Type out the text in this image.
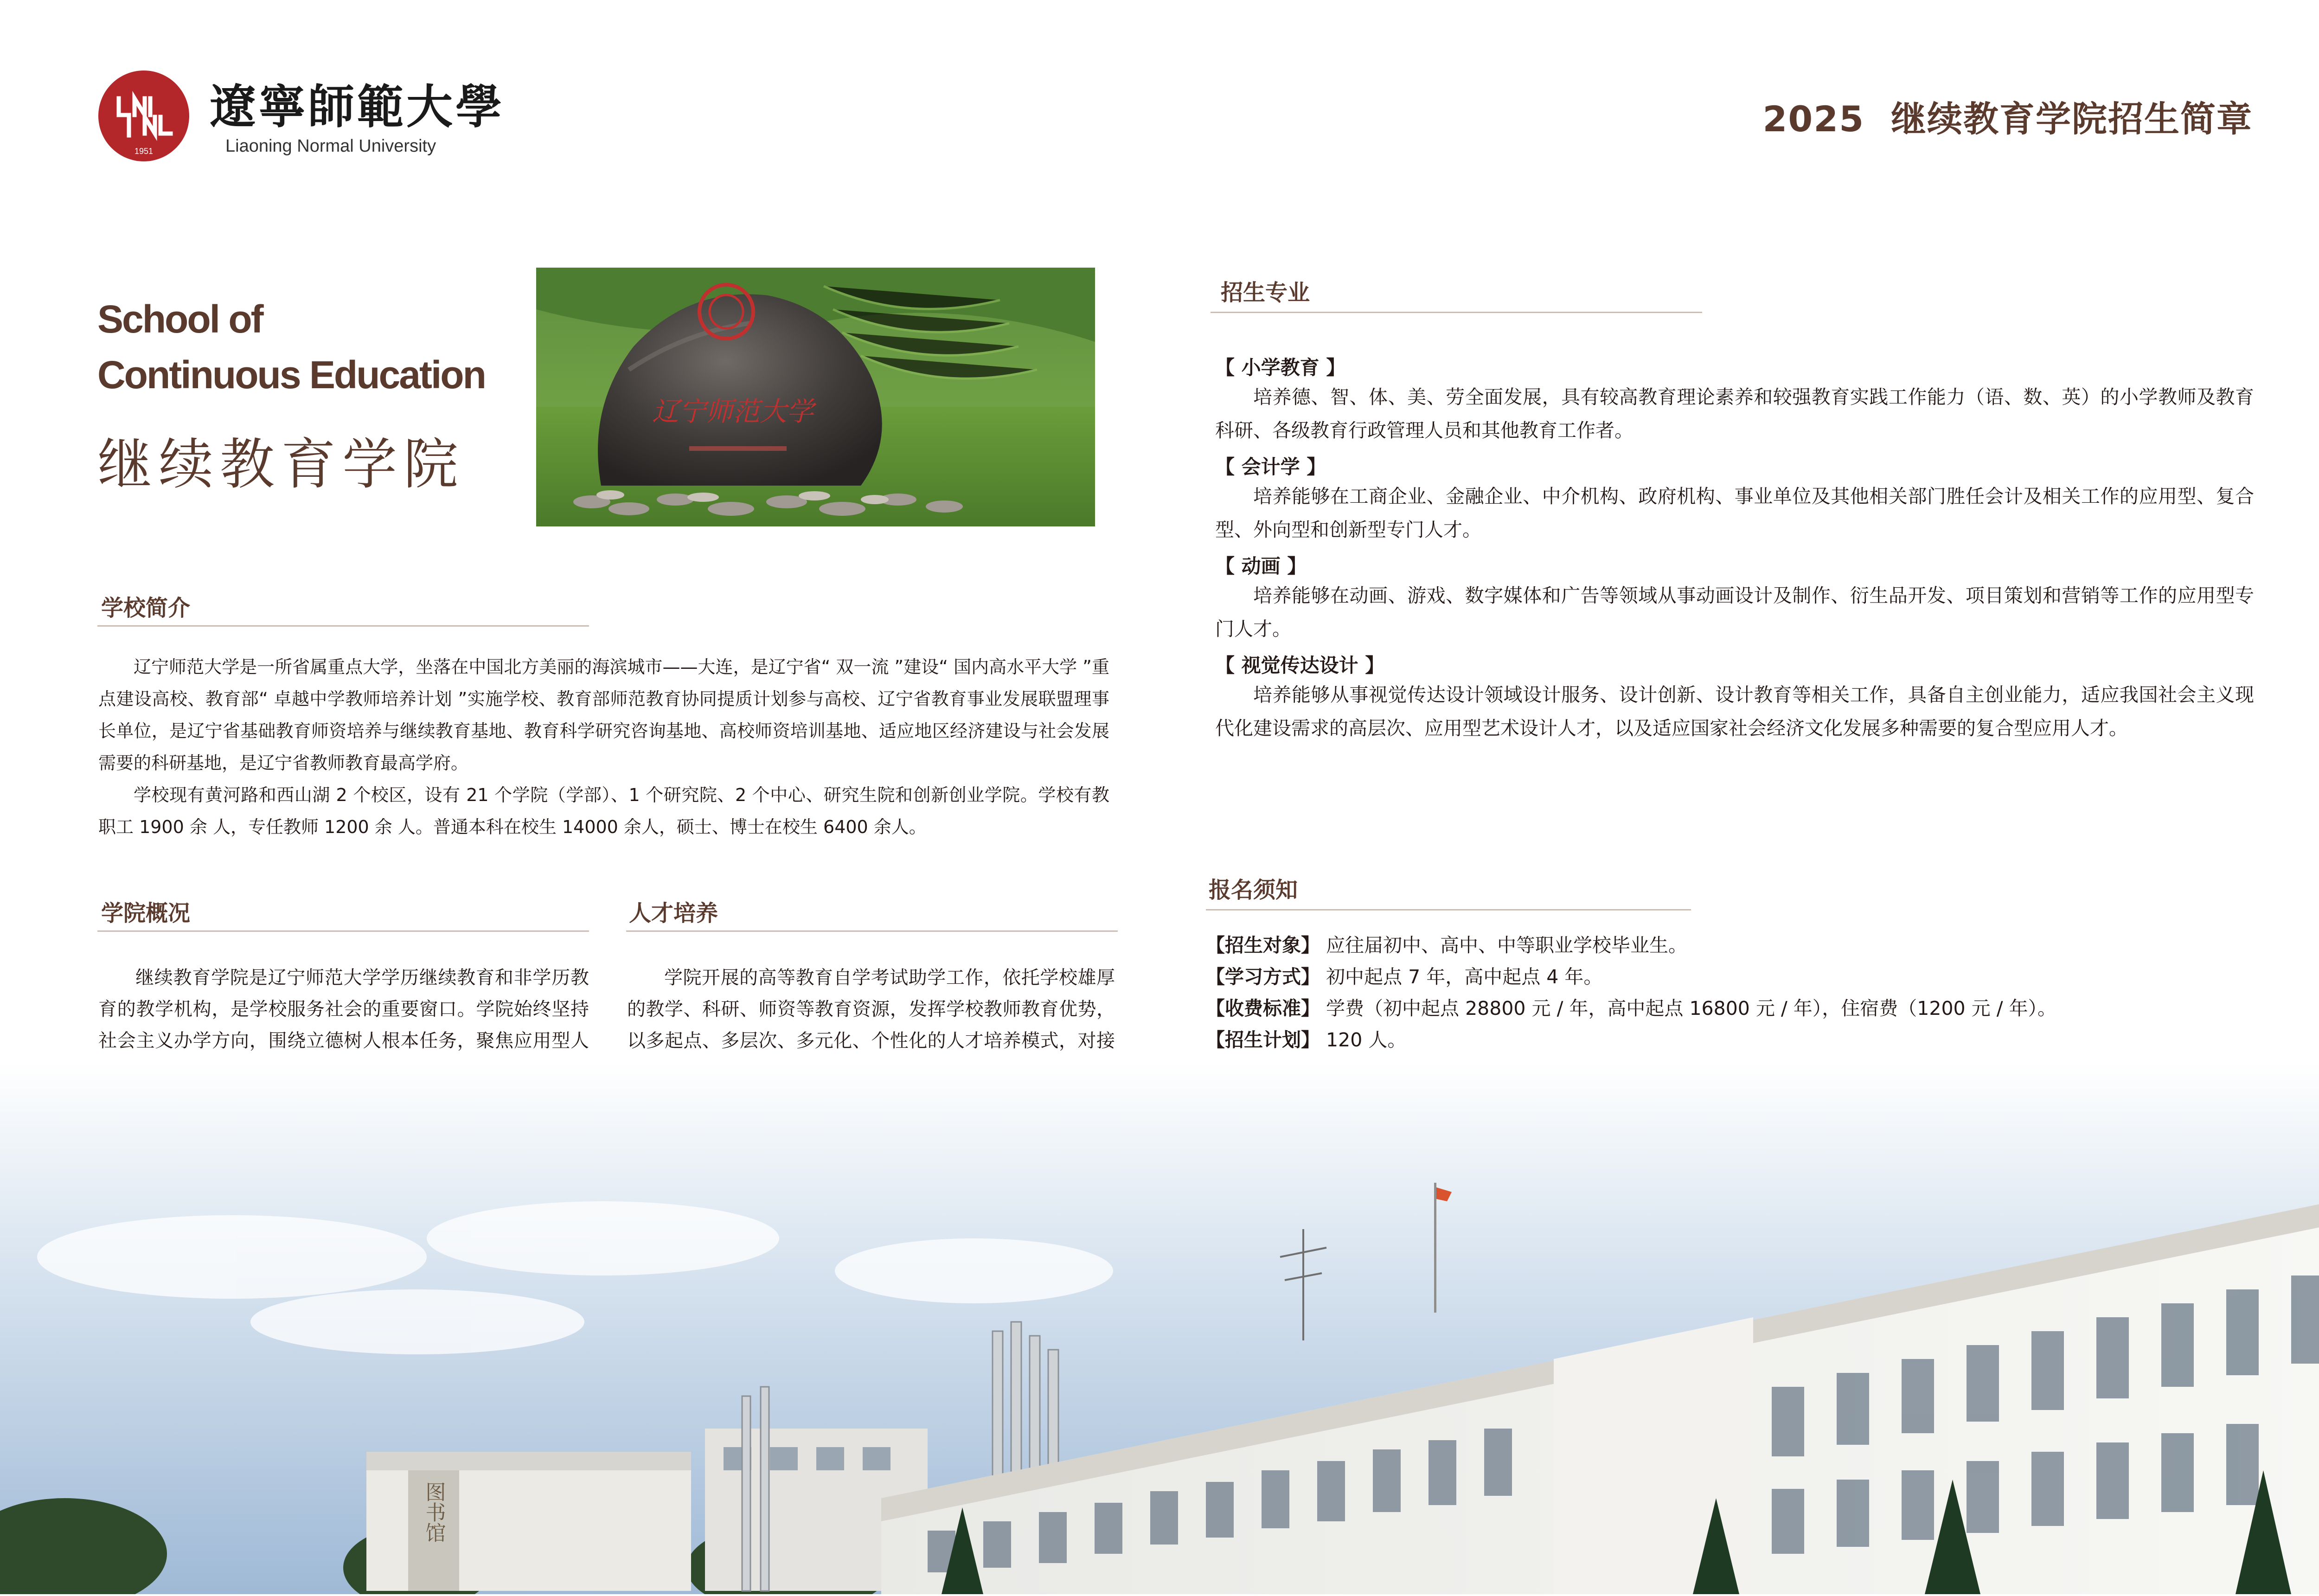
1951
遼寧師範大學
Liaoning Normal University
2025  继续教育学院招生简章
School of
Continuous Education
继续教育学院
辽宁师范大学
学校简介

辽宁师范大学是一所省属重点大学，坐落在中国北方美丽的海滨城市——大连，是辽宁省“ 双一流 ”建设“ 国内高水平大学 ”重点建设高校、教育部“ 卓越中学教师培养计划 ”实施学校、教育部师范教育协同提质计划参与高校、辽宁省教育事业发展联盟理事长单位，是辽宁省基础教育师资培养与继续教育基地、教育科学研究咨询基地、高校师资培训基地、适应地区经济建设与社会发展需要的科研基地，是辽宁省教师教育最高学府。

学校现有黄河路和西山湖 2 个校区，设有 21 个学院（学部）、1 个研究院、2 个中心、研究生院和创新创业学院。学校有教职工 1900 余 人，专任教师 1200 余 人。普通本科在校生 14000 余人，硕士、博士在校生 6400 余人。

学院概况

继续教育学院是辽宁师范大学学历继续教育和非学历教育的教学机构，是学校服务社会的重要窗口。学院始终坚持社会主义办学方向，围绕立德树人根本任务，聚焦应用型人

人才培养

学院开展的高等教育自学考试助学工作，依托学校雄厚的教学、科研、师资等教育资源，发挥学校教师教育优势，以多起点、多层次、多元化、个性化的人才培养模式，对接

招生专业
【 小学教育 】
培养德、智、体、美、劳全面发展，具有较高教育理论素养和较强教育实践工作能力（语、数、英）的小学教师及教育科研、各级教育行政管理人员和其他教育工作者。
【 会计学 】
培养能够在工商企业、金融企业、中介机构、政府机构、事业单位及其他相关部门胜任会计及相关工作的应用型、复合型、外向型和创新型专门人才。
【 动画 】
培养能够在动画、游戏、数字媒体和广告等领域从事动画设计及制作、衍生品开发、项目策划和营销等工作的应用型专门人才。
【 视觉传达设计 】
培养能够从事视觉传达设计领域设计服务、设计创新、设计教育等相关工作，具备自主创业能力，适应我国社会主义现代化建设需求的高层次、应用型艺术设计人才，以及适应国家社会经济文化发展多种需要的复合型应用人才。
报名须知
【招生对象】 应往届初中、高中、中等职业学校毕业生。
【学习方式】 初中起点 7 年，高中起点 4 年。
【收费标准】 学费（初中起点 28800 元 / 年，高中起点 16800 元 / 年），住宿费（1200 元 / 年）。
【招生计划】 120 人。

图书馆
